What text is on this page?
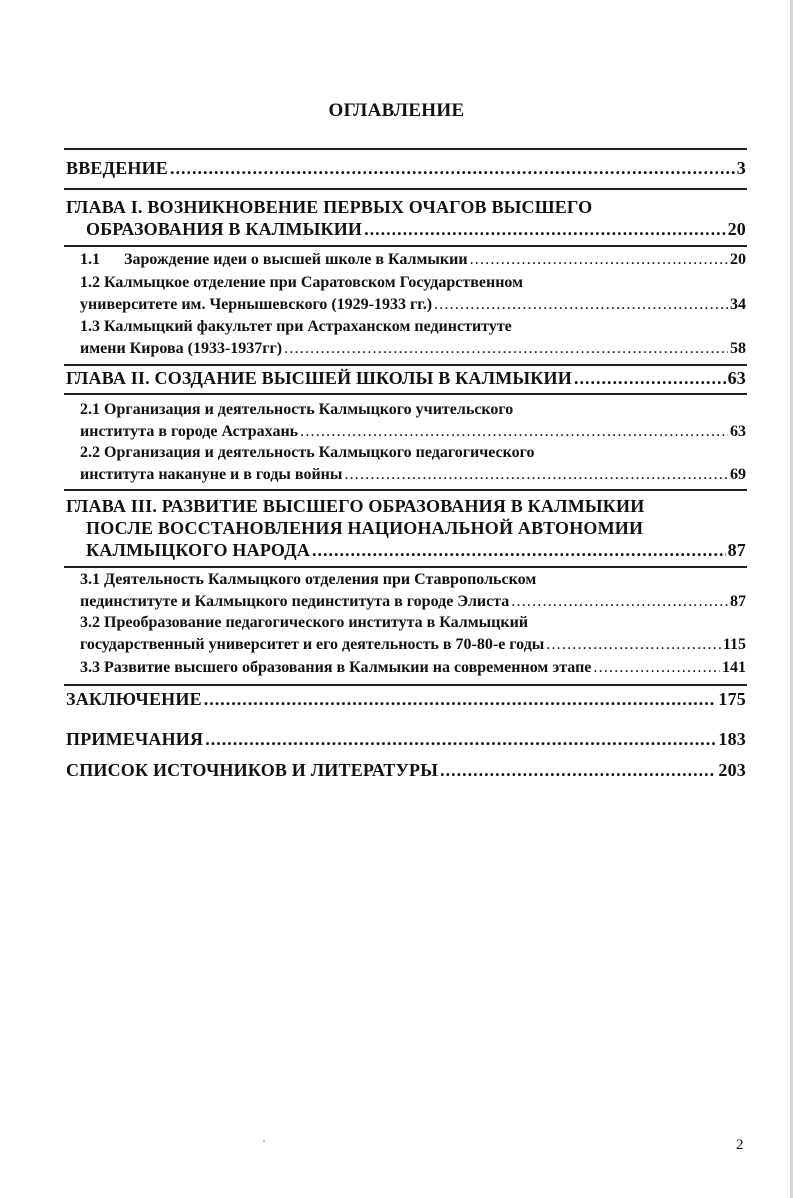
ОГЛАВЛЕНИЕ
ВВЕДЕНИЕ .....	3
ГЛАВА I. ВОЗНИКНОВЕНИЕ ПЕРВЫХ ОЧАГОВ ВЫСШЕГО
ОБРАЗОВАНИЯ В КАЛМЫКИИ .....	20
1.1      Зарождение идеи о высшей школе в Калмыкии .....	20
1.2 Калмыцкое отделение при Саратовском Государственном
университете им. Чернышевского (1929-1933 гг.) .....	34
1.3 Калмыцкий факультет при Астраханском пединституте
имени Кирова (1933-1937гг) .....	58
ГЛАВА II. СОЗДАНИЕ ВЫСШЕЙ ШКОЛЫ В КАЛМЫКИИ .....	63
2.1 Организация и деятельность Калмыцкого учительского
института в городе Астрахань .....	63
2.2 Организация и деятельность Калмыцкого педагогического
института накануне и в годы войны .....	69
ГЛАВА III. РАЗВИТИЕ ВЫСШЕГО ОБРАЗОВАНИЯ В КАЛМЫКИИ
ПОСЛЕ ВОССТАНОВЛЕНИЯ НАЦИОНАЛЬНОЙ АВТОНОМИИ
КАЛМЫЦКОГО НАРОДА .....	87
3.1 Деятельность Калмыцкого отделения при Ставропольском
пединституте и Калмыцкого пединститута в городе Элиста .....	87
3.2 Преобразование педагогического института в Калмыцкий
государственный университет и его деятельность в 70-80-е годы .....	115
3.3 Развитие высшего образования в Калмыкии на современном этапе .....	141
ЗАКЛЮЧЕНИЕ .....	175
ПРИМЕЧАНИЯ .....	183
СПИСОК ИСТОЧНИКОВ И ЛИТЕРАТУРЫ .....	203
2
